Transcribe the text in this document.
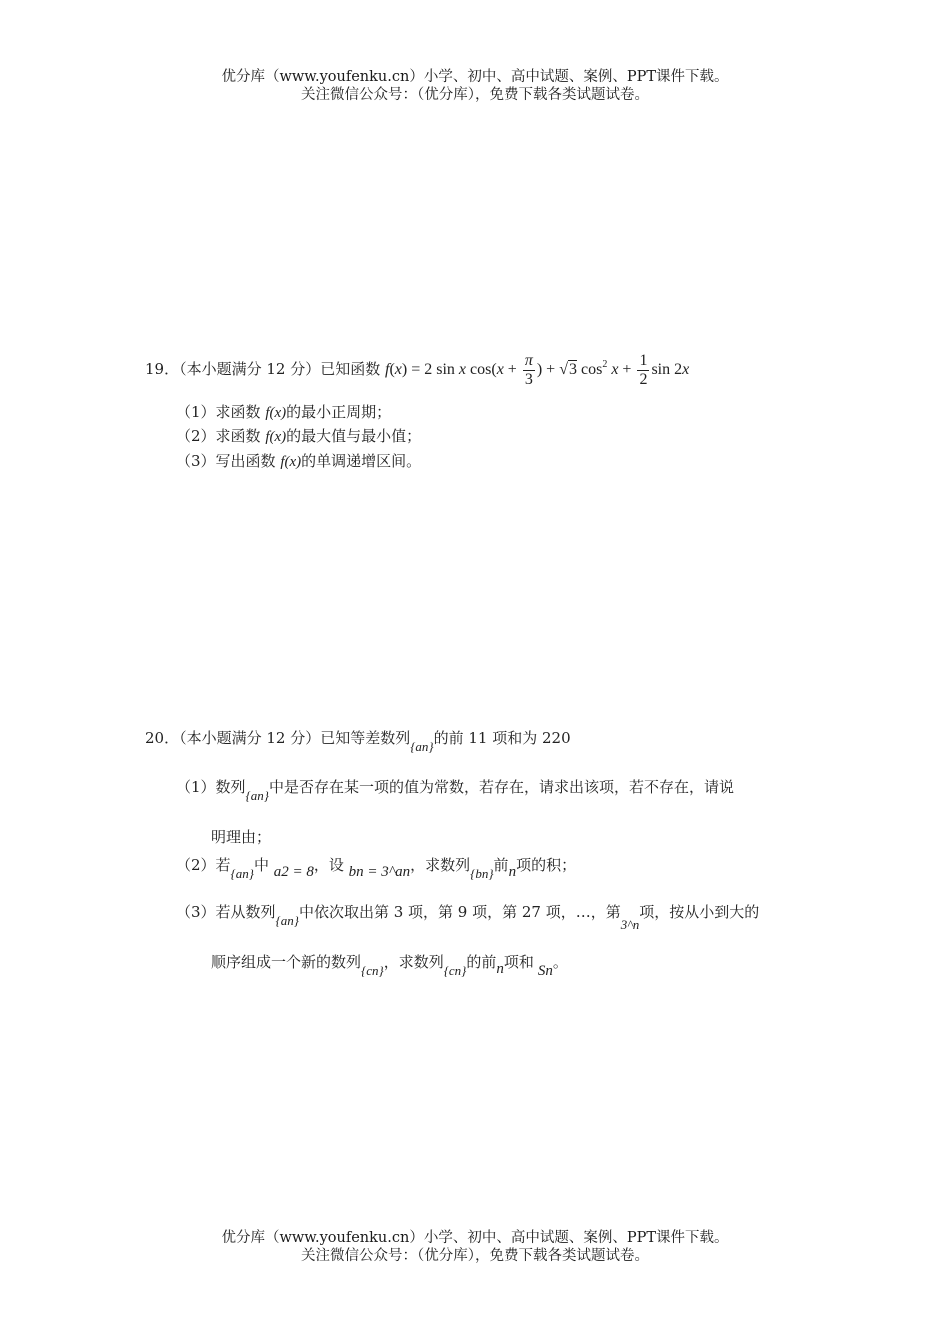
优分库（www.youfenku.cn）小学、初中、高中试题、案例、PPT课件下载。
关注微信公众号：（优分库），免费下载各类试题试卷。
19．（本小题满分 12 分）已知函数 f(x) = 2 sin x $\cos(x + \frac{\pi}{3}$ ) + √3 $\cos^2 x + \frac{1}{2}$ sin 2x
（1）求函数 f(x)的最小正周期；
（2）求函数 f(x)的最大值与最小值；
（3）写出函数 f(x)的单调递增区间。
20．（本小题满分 12 分）已知等差数列{an}的前 11 项和为 220
（1）数列{an}中是否存在某一项的值为常数，若存在，请求出该项，若不存在，请说
明理由；
（2）若{an}中 a2 = 8，设 bn = 3^an，求数列{bn}前n项的积；
（3）若从数列{an}中依次取出第 3 项，第 9 项，第 27 项，…，第3^n项，按从小到大的
顺序组成一个新的数列{cn}，求数列{cn}的前n项和 Sn。
优分库（www.youfenku.cn）小学、初中、高中试题、案例、PPT课件下载。
关注微信公众号：（优分库），免费下载各类试题试卷。
